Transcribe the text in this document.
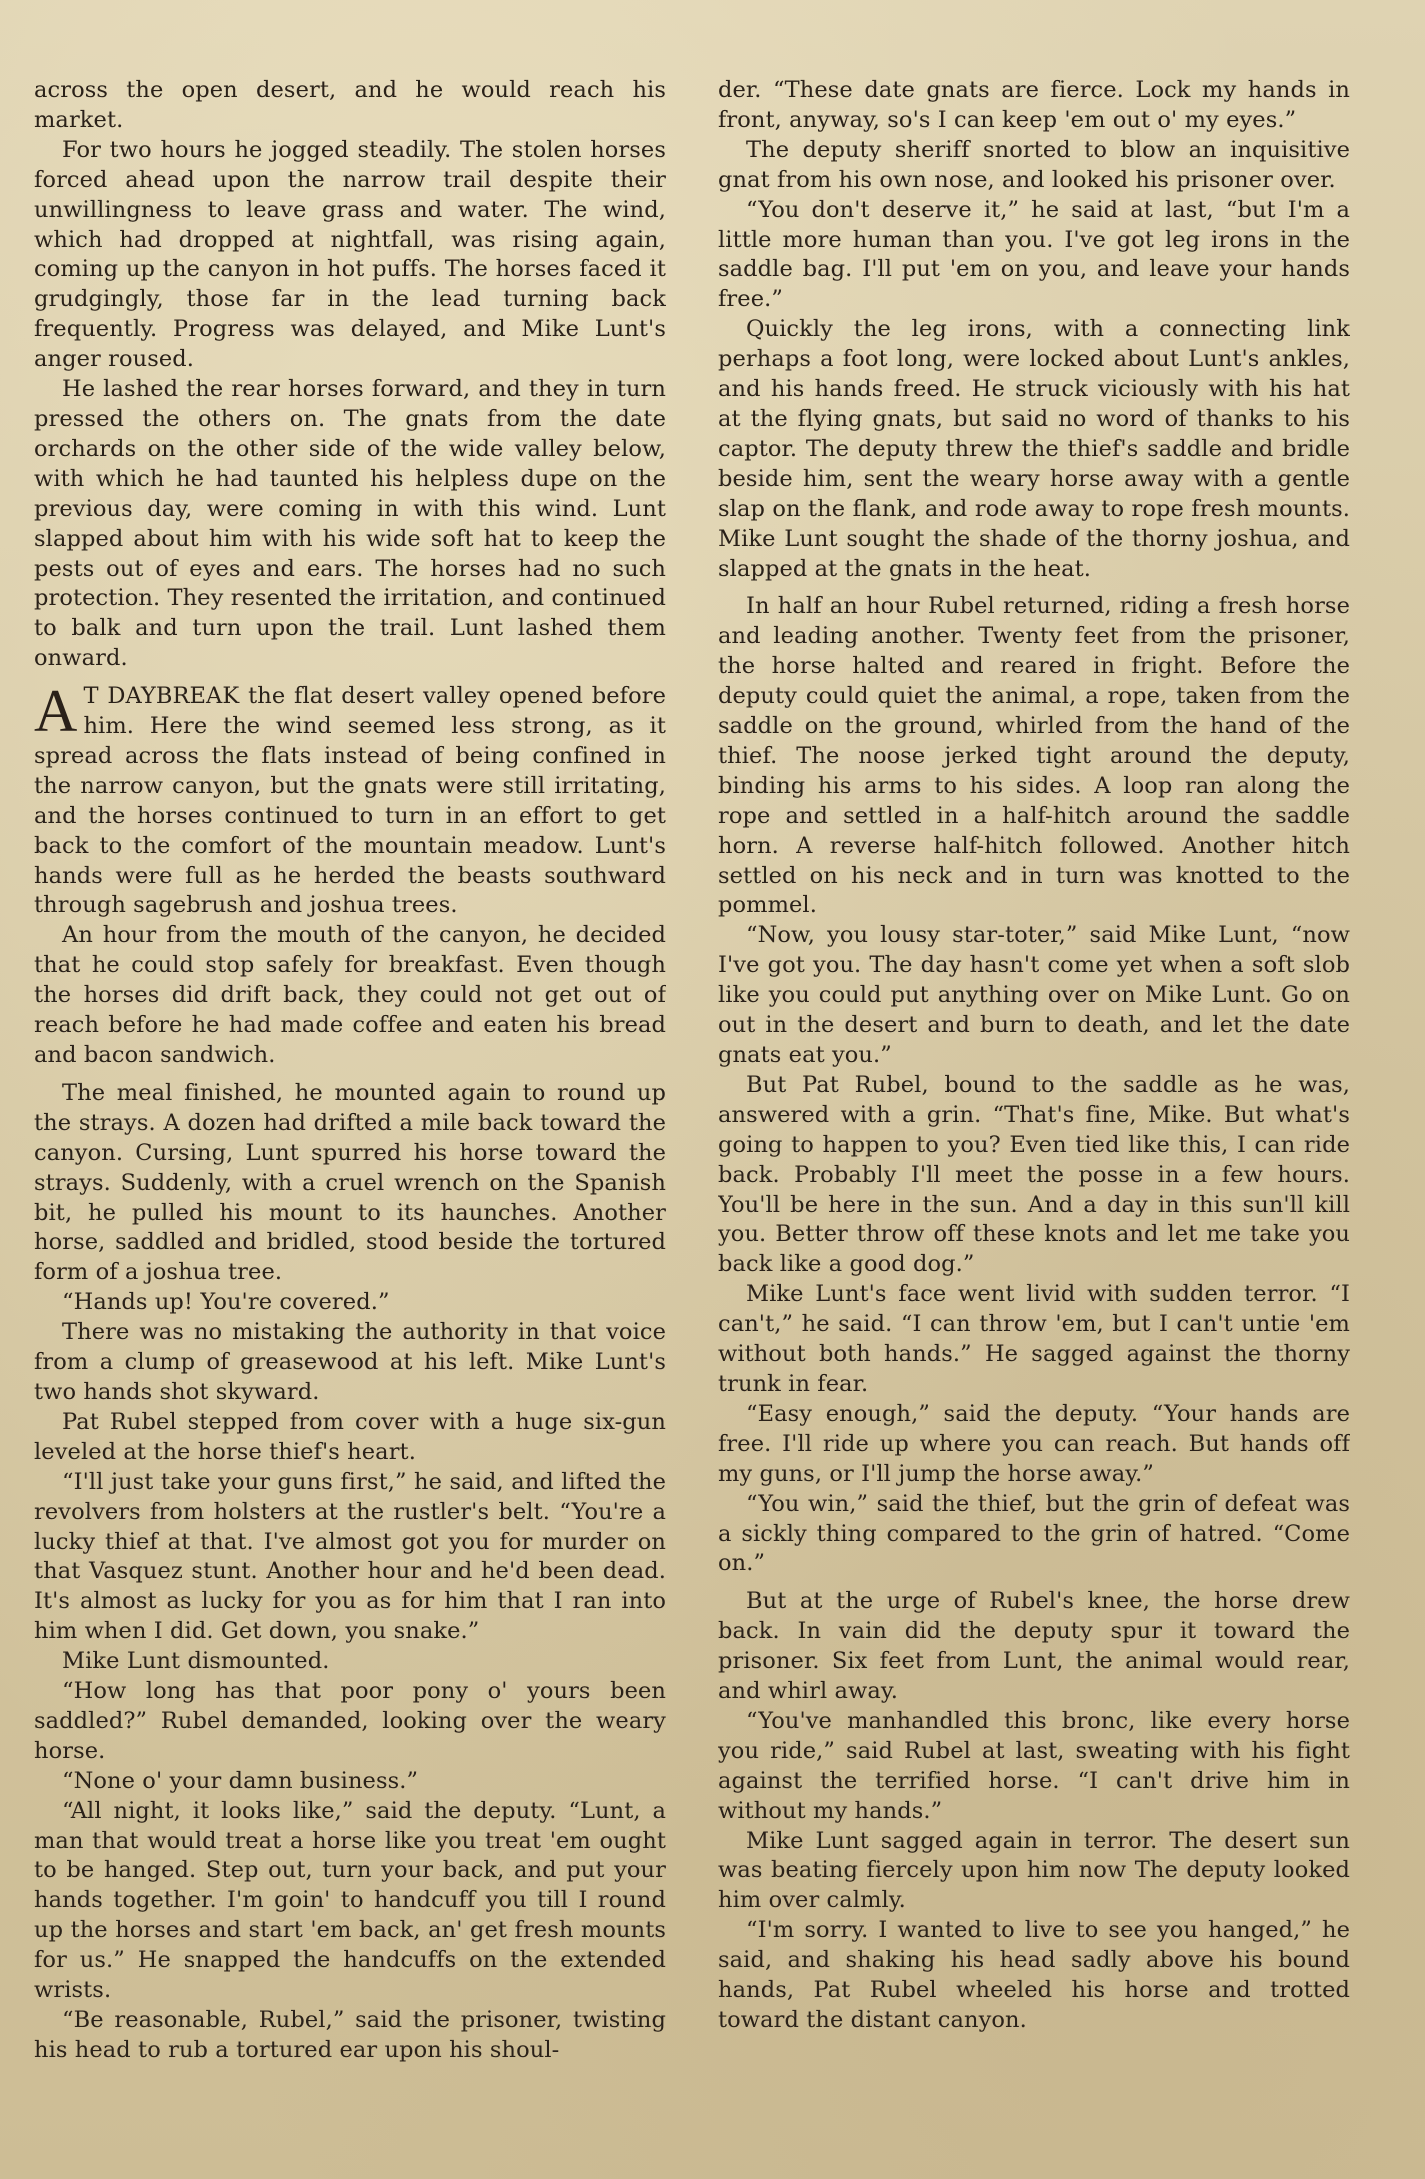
across the open desert, and he would reach his market.

For two hours he jogged steadily. The stolen horses forced ahead upon the narrow trail despite their unwillingness to leave grass and water. The wind, which had dropped at nightfall, was rising again, coming up the canyon in hot puffs. The horses faced it grudgingly, those far in the lead turning back frequently. Progress was delayed, and Mike Lunt's anger roused.

He lashed the rear horses forward, and they in turn pressed the others on. The gnats from the date orchards on the other side of the wide valley below, with which he had taunted his helpless dupe on the previous day, were coming in with this wind. Lunt slapped about him with his wide soft hat to keep the pests out of eyes and ears. The horses had no such protection. They resented the irritation, and continued to balk and turn upon the trail. Lunt lashed them onward.

A T DAYBREAK the flat desert valley opened before him. Here the wind seemed less strong, as it spread across the flats instead of being confined in the narrow canyon, but the gnats were still irritating, and the horses continued to turn in an effort to get back to the comfort of the mountain meadow. Lunt's hands were full as he herded the beasts southward through sagebrush and joshua trees.

An hour from the mouth of the canyon, he decided that he could stop safely for breakfast. Even though the horses did drift back, they could not get out of reach before he had made coffee and eaten his bread and bacon sandwich.

The meal finished, he mounted again to round up the strays. A dozen had drifted a mile back toward the canyon. Cursing, Lunt spurred his horse toward the strays. Suddenly, with a cruel wrench on the Spanish bit, he pulled his mount to its haunches. Another horse, saddled and bridled, stood beside the tortured form of a joshua tree.

“Hands up! You're covered.”

There was no mistaking the authority in that voice from a clump of greasewood at his left. Mike Lunt's two hands shot skyward.

Pat Rubel stepped from cover with a huge six-gun leveled at the horse thief's heart.

“I'll just take your guns first,” he said, and lifted the revolvers from holsters at the rustler's belt. “You're a lucky thief at that. I've almost got you for murder on that Vasquez stunt. Another hour and he'd been dead. It's almost as lucky for you as for him that I ran into him when I did. Get down, you snake.”

Mike Lunt dismounted.

“How long has that poor pony o' yours been saddled?” Rubel demanded, looking over the weary horse.

“None o' your damn business.”

“All night, it looks like,” said the deputy. “Lunt, a man that would treat a horse like you treat 'em ought to be hanged. Step out, turn your back, and put your hands together. I'm goin' to handcuff you till I round up the horses and start 'em back, an' get fresh mounts for us.” He snapped the handcuffs on the extended wrists.

“Be reasonable, Rubel,” said the prisoner, twisting his head to rub a tortured ear upon his shoul-

der. “These date gnats are fierce. Lock my hands in front, anyway, so's I can keep 'em out o' my eyes.”

The deputy sheriff snorted to blow an inquisitive gnat from his own nose, and looked his prisoner over.

“You don't deserve it,” he said at last, “but I'm a little more human than you. I've got leg irons in the saddle bag. I'll put 'em on you, and leave your hands free.”

Quickly the leg irons, with a connecting link perhaps a foot long, were locked about Lunt's ankles, and his hands freed. He struck viciously with his hat at the flying gnats, but said no word of thanks to his captor. The deputy threw the thief's saddle and bridle beside him, sent the weary horse away with a gentle slap on the flank, and rode away to rope fresh mounts. Mike Lunt sought the shade of the thorny joshua, and slapped at the gnats in the heat.

In half an hour Rubel returned, riding a fresh horse and leading another. Twenty feet from the prisoner, the horse halted and reared in fright. Before the deputy could quiet the animal, a rope, taken from the saddle on the ground, whirled from the hand of the thief. The noose jerked tight around the deputy, binding his arms to his sides. A loop ran along the rope and settled in a half-hitch around the saddle horn. A reverse half-hitch followed. Another hitch settled on his neck and in turn was knotted to the pommel.

“Now, you lousy star-toter,” said Mike Lunt, “now I've got you. The day hasn't come yet when a soft slob like you could put anything over on Mike Lunt. Go on out in the desert and burn to death, and let the date gnats eat you.”

But Pat Rubel, bound to the saddle as he was, answered with a grin. “That's fine, Mike. But what's going to happen to you? Even tied like this, I can ride back. Probably I'll meet the posse in a few hours. You'll be here in the sun. And a day in this sun'll kill you. Better throw off these knots and let me take you back like a good dog.”

Mike Lunt's face went livid with sudden terror. “I can't,” he said. “I can throw 'em, but I can't untie 'em without both hands.” He sagged against the thorny trunk in fear.

“Easy enough,” said the deputy. “Your hands are free. I'll ride up where you can reach. But hands off my guns, or I'll jump the horse away.”

“You win,” said the thief, but the grin of defeat was a sickly thing compared to the grin of hatred. “Come on.”

But at the urge of Rubel's knee, the horse drew back. In vain did the deputy spur it toward the prisoner. Six feet from Lunt, the animal would rear, and whirl away.

“You've manhandled this bronc, like every horse you ride,” said Rubel at last, sweating with his fight against the terrified horse. “I can't drive him in without my hands.”

Mike Lunt sagged again in terror. The desert sun was beating fiercely upon him now The deputy looked him over calmly.

“I'm sorry. I wanted to live to see you hanged,” he said, and shaking his head sadly above his bound hands, Pat Rubel wheeled his horse and trotted toward the distant canyon.
